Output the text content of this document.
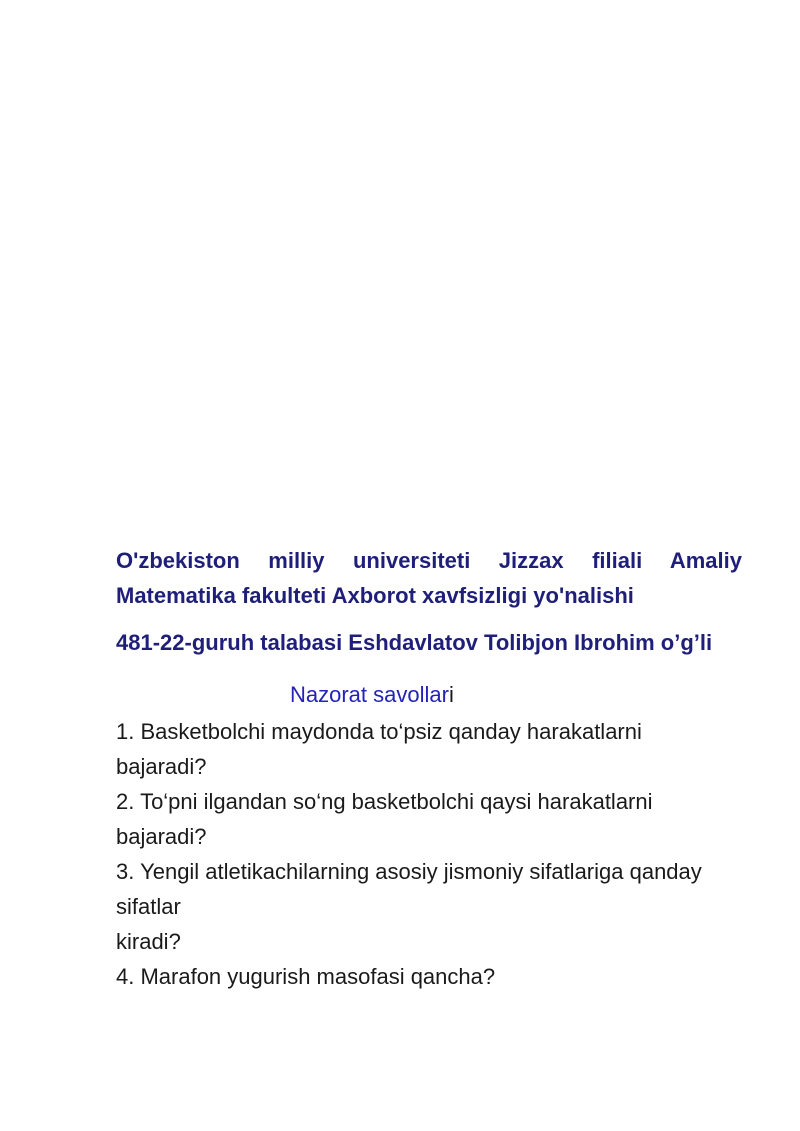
O'zbekiston milliy universiteti Jizzax filiali Amaliy Matematika fakulteti Axborot xavfsizligi yo'nalishi

481-22-guruh talabasi Eshdavlatov Tolibjon Ibrohim o’g’li

Nazorat savollari

1. Basketbolchi maydonda to‘psiz qanday harakatlarni bajaradi?
2. To‘pni ilgandan so‘ng basketbolchi qaysi harakatlarni bajaradi?
3. Yengil atletikachilarning asosiy jismoniy sifatlariga qanday sifatlar
kiradi?
4. Marafon yugurish masofasi qancha?
